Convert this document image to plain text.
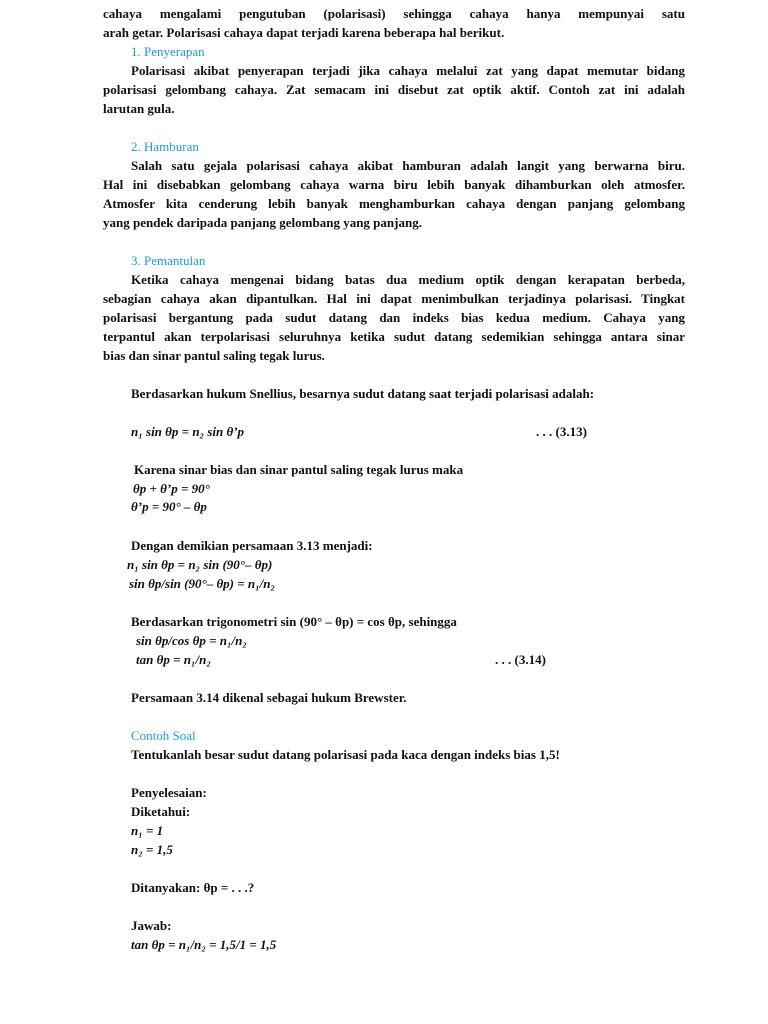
cahaya mengalami pengutuban (polarisasi) sehingga cahaya hanya mempunyai satu
arah getar. Polarisasi cahaya dapat terjadi karena beberapa hal berikut.
1. Penyerapan
Polarisasi akibat penyerapan terjadi jika cahaya melalui zat yang dapat memutar bidang
polarisasi gelombang cahaya. Zat semacam ini disebut zat optik aktif. Contoh zat ini adalah
larutan gula.
2. Hamburan
Salah satu gejala polarisasi cahaya akibat hamburan adalah langit yang berwarna biru.
Hal ini disebabkan gelombang cahaya warna biru lebih banyak dihamburkan oleh atmosfer.
Atmosfer kita cenderung lebih banyak menghamburkan cahaya dengan panjang gelombang
yang pendek daripada panjang gelombang yang panjang.
3. Pemantulan
Ketika cahaya mengenai bidang batas dua medium optik dengan kerapatan berbeda,
sebagian cahaya akan dipantulkan. Hal ini dapat menimbulkan terjadinya polarisasi. Tingkat
polarisasi bergantung pada sudut datang dan indeks bias kedua medium. Cahaya yang
terpantul akan terpolarisasi seluruhnya ketika sudut datang sedemikian sehingga antara sinar
bias dan sinar pantul saling tegak lurus.
Berdasarkan hukum Snellius, besarnya sudut datang saat terjadi polarisasi adalah:
n₁ sin θp = n₂ sin θ’p	. . . (3.13)
Karena sinar bias dan sinar pantul saling tegak lurus maka
θp + θ’p = 90°
θ’p = 90° – θp
Dengan demikian persamaan 3.13 menjadi:
n₁ sin θp = n₂ sin (90°– θp)
sin θp/sin (90°– θp) = n₁/n₂
Berdasarkan trigonometri sin (90° – θp) = cos θp, sehingga
sin θp/cos θp = n₁/n₂
tan θp = n₁/n₂	. . . (3.14)
Persamaan 3.14 dikenal sebagai hukum Brewster.
Contoh Soal
Tentukanlah besar sudut datang polarisasi pada kaca dengan indeks bias 1,5!
Penyelesaian:
Diketahui:
n₁ = 1
n₂ = 1,5
Ditanyakan: θp = . . .?
Jawab:
tan θp = n₁/n₂ = 1,5/1 = 1,5
